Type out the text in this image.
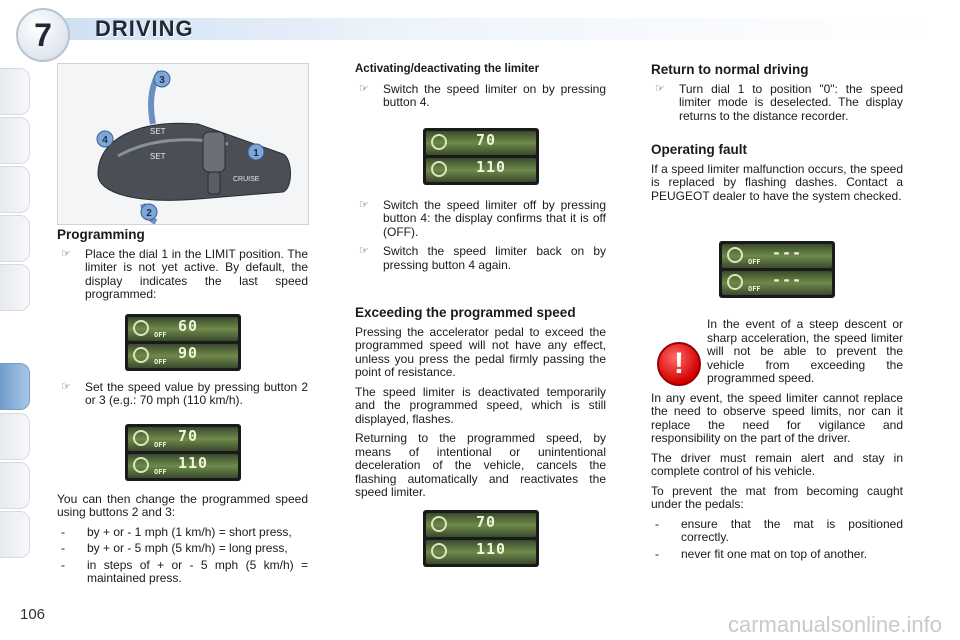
7	DRIVING
SET
SET
CRUISE
3
1
2
4
Programming
☞ Place the dial 1 in the LIMIT position. The limiter is not yet active. By default, the display indicates the last speed programmed:
OFF 60
OFF 90
☞ Set the speed value by pressing button 2 or 3 (e.g.: 70 mph (110 km/h).
OFF 70
OFF 110

You can then change the programmed speed using buttons 2 and 3:

- by + or - 1 mph (1 km/h) = short press,
- by + or - 5 mph (5 km/h) = long press,
- in steps of + or - 5 mph (5 km/h) = maintained press.
Activating/deactivating the limiter
☞ Switch the speed limiter on by pressing button 4.
70
110
☞ Switch the speed limiter off by pressing button 4: the display confirms that it is off (OFF).
☞ Switch the speed limiter back on by pressing button 4 again.
Exceeding the programmed speed

Pressing the accelerator pedal to exceed the programmed speed will not have any effect, unless you press the pedal firmly passing the point of resistance.

The speed limiter is deactivated temporarily and the programmed speed, which is still displayed, flashes.

Returning to the programmed speed, by means of intentional or unintentional deceleration of the vehicle, cancels the flashing automatically and reactivates the speed limiter.

70
110
Return to normal driving
☞ Turn dial 1 to position "0": the speed limiter mode is deselected. The display returns to the distance recorder.
Operating fault

If a speed limiter malfunction occurs, the speed is replaced by flashing dashes. Contact a PEUGEOT dealer to have the system checked.

OFF ---
OFF ---

In the event of a steep descent or sharp acceleration, the speed limiter will not be able to prevent the vehicle from exceeding the programmed speed.

In any event, the speed limiter cannot replace the need to observe speed limits, nor can it replace the need for vigilance and responsibility on the part of the driver.

The driver must remain alert and stay in complete control of his vehicle.

To prevent the mat from becoming caught under the pedals:

- ensure that the mat is positioned correctly.
- never fit one mat on top of another.
!
106	carmanualsonline.info
